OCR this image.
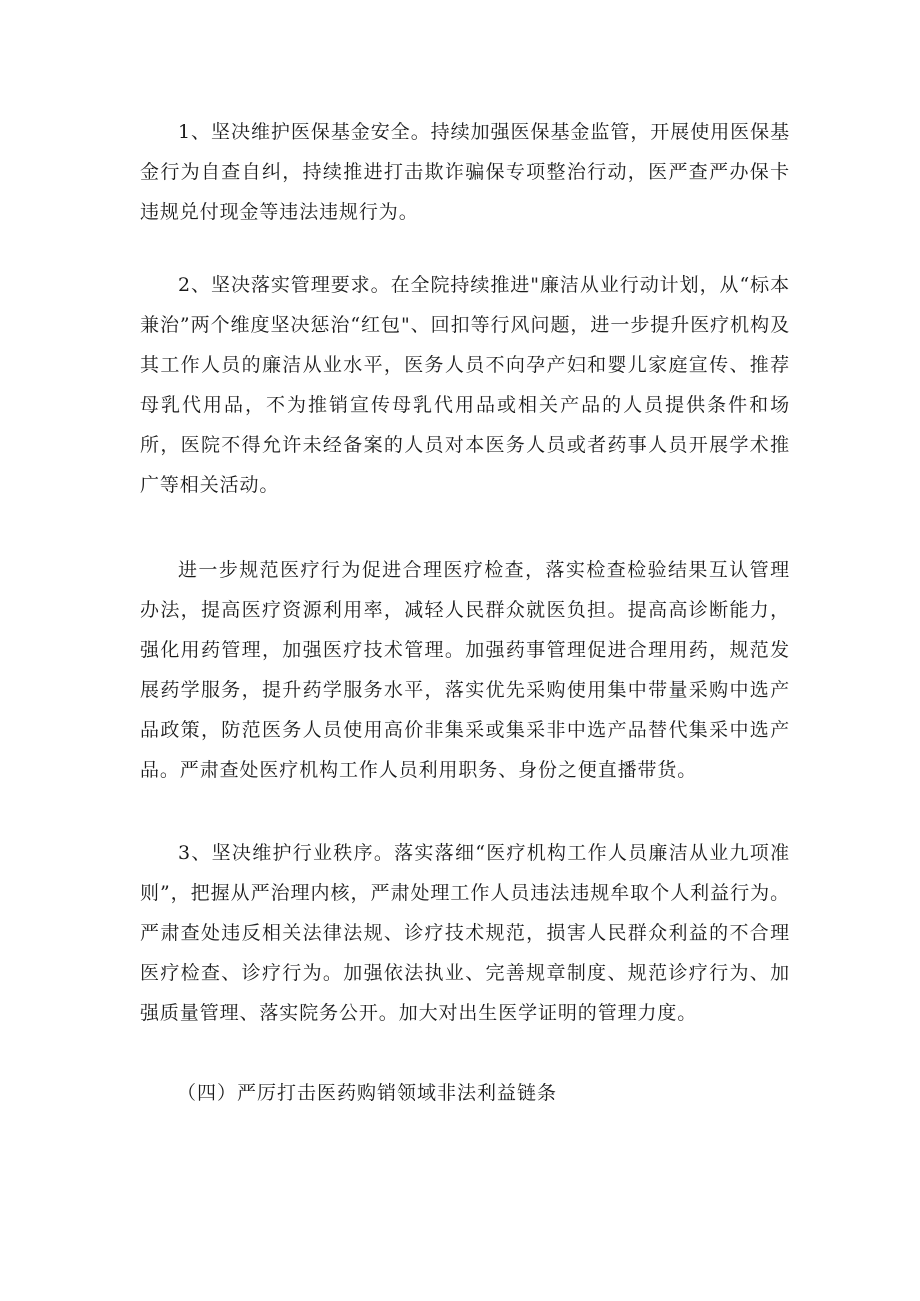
1、坚决维护医保基金安全。持续加强医保基金监管，开展使用医保基金行为自查自纠，持续推进打击欺诈骗保专项整治行动，医严查严办保卡违规兑付现金等违法违规行为。

2、坚决落实管理要求。在全院持续推进"廉洁从业行动计划，从“标本兼治”两个维度坚决惩治“红包"、回扣等行风问题，进一步提升医疗机构及其工作人员的廉洁从业水平，医务人员不向孕产妇和婴儿家庭宣传、推荐母乳代用品，不为推销宣传母乳代用品或相关产品的人员提供条件和场所，医院不得允许未经备案的人员对本医务人员或者药事人员开展学术推广等相关活动。

进一步规范医疗行为促进合理医疗检查，落实检查检验结果互认管理办法，提高医疗资源利用率，减轻人民群众就医负担。提高高诊断能力，强化用药管理，加强医疗技术管理。加强药事管理促进合理用药，规范发展药学服务，提升药学服务水平，落实优先采购使用集中带量采购中选产品政策，防范医务人员使用高价非集采或集采非中选产品替代集采中选产品。严肃查处医疗机构工作人员利用职务、身份之便直播带货。

3、坚决维护行业秩序。落实落细“医疗机构工作人员廉洁从业九项准则”，把握从严治理内核，严肃处理工作人员违法违规牟取个人利益行为。严肃查处违反相关法律法规、诊疗技术规范，损害人民群众利益的不合理医疗检查、诊疗行为。加强依法执业、完善规章制度、规范诊疗行为、加强质量管理、落实院务公开。加大对出生医学证明的管理力度。

（四）严厉打击医药购销领域非法利益链条
